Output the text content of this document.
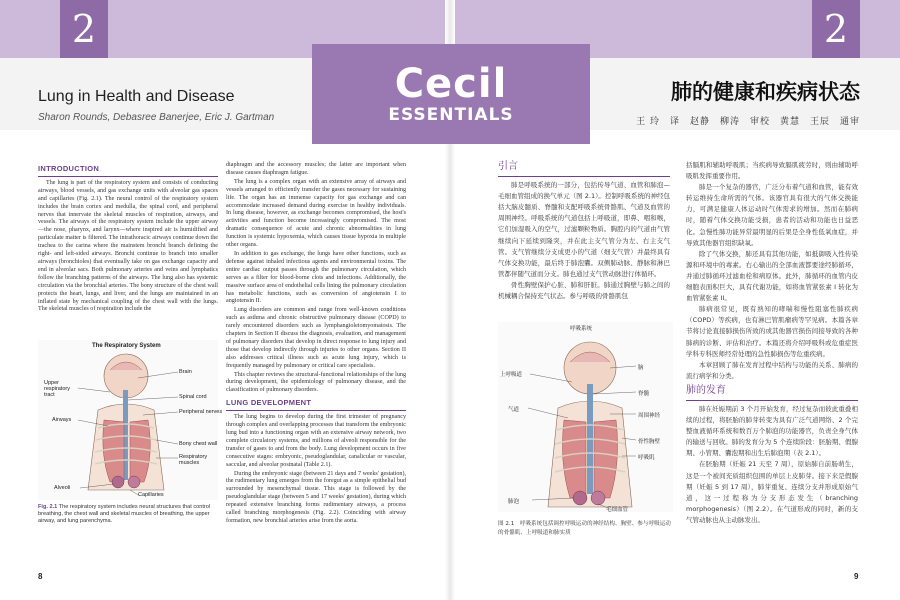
2
Lung in Health and Disease
Sharon Rounds, Debasree Banerjee, Eric J. Gartman
INTRODUCTION

The lung is part of the respiratory system and consists of conducting airways, blood vessels, and gas exchange units with alveolar gas spaces and capillaries (Fig. 2.1). The neural control of the respiratory system includes the brain cortex and medulla, the spinal cord, and peripheral nerves that innervate the skeletal muscles of respiration, airways, and vessels. The airways of the respiratory system include the upper airway—the nose, pharynx, and larynx—where inspired air is humidified and particulate matter is filtered. The intrathoracic airways continue down the trachea to the carina where the mainstem bronchi branch defining the right- and left-sided airways. Bronchi continue to branch into smaller airways (bronchioles) that eventually take on gas exchange capacity and end in alveolar sacs. Both pulmonary arteries and veins and lymphatics follow the branching patterns of the airways. The lung also has systemic circulation via the bronchial arteries. The bony structure of the chest wall protects the heart, lungs, and liver, and the lungs are maintained in an inflated state by mechanical coupling of the chest wall with the lungs. The skeletal muscles of respiration include the

The Respiratory System
Brain
Upper respiratory tract	Spinal cord
Airways
Peripheral nerves
Bony chest wall
Respiratory muscles
Alveoli
Capillaries
Fig. 2.1 The respiratory system includes neural structures that control breathing, the chest wall and skeletal muscles of breathing, the upper airway, and lung parenchyma.

diaphragm and the accessory muscles; the latter are important when disease causes diaphragm fatigue.

The lung is a complex organ with an extensive array of airways and vessels arranged to efficiently transfer the gases necessary for sustaining life. The organ has an immense capacity for gas exchange and can accommodate increased demand during exercise in healthy individuals. In lung disease, however, as exchange becomes compromised, the host's activities and function become increasingly compromised. The most dramatic consequence of acute and chronic abnormalities in lung function is systemic hypoxemia, which causes tissue hypoxia in multiple other organs.

In addition to gas exchange, the lungs have other functions, such as defense against inhaled infectious agents and environmental toxins. The entire cardiac output passes through the pulmonary circulation, which serves as a filter for blood-borne clots and infections. Additionally, the massive surface area of endothelial cells lining the pulmonary circulation has metabolic functions, such as conversion of angiotensin I to angiotensin II.

Lung disorders are common and range from well-known conditions such as asthma and chronic obstructive pulmonary disease (COPD) to rarely encountered disorders such as lymphangioleiomyomatosis. The chapters in Section II discuss the diagnosis, evaluation, and management of pulmonary disorders that develop in direct response to lung injury and those that develop indirectly through injuries to other organs. Section II also addresses critical illness such as acute lung injury, which is frequently managed by pulmonary or critical care specialists.

This chapter reviews the structural-functional relationships of the lung during development, the epidemiology of pulmonary disease, and the classification of pulmonary disorders.

LUNG DEVELOPMENT

The lung begins to develop during the first trimester of pregnancy through complex and overlapping processes that transform the embryonic lung bud into a functioning organ with an extensive airway network, two complete circulatory systems, and millions of alveoli responsible for the transfer of gases to and from the body. Lung development occurs in five consecutive stages: embryonic, pseudoglandular, canalicular or vascular, saccular, and alveolar postnatal (Table 2.1).

During the embryonic stage (between 21 days and 7 weeks' gestation), the rudimentary lung emerges from the foregut as a simple epithelial bud surrounded by mesenchymal tissue. This stage is followed by the pseudoglandular stage (between 5 and 17 weeks' gestation), during which repeated extensive branching forms rudimentary airways, a process called branching morphogenesis (Fig. 2.2). Coinciding with airway formation, new bronchial arteries arise from the aorta.

8
2
肺的健康和疾病状态
王 玲　译　赵静　柳涛　审校　黄慧　王辰　通审
引言

肺是呼吸系统的一部分，包括传导气道、血管和肺泡—毛细血管组成的换气单元（图 2.1）。控制呼吸系统的神经包括大脑皮髓质、脊髓和支配呼吸系统骨骼肌、气道及血管的周围神经。呼吸系统的气道包括上呼吸道，即鼻、咽和喉，它们加湿吸入的空气，过滤颗粒物质。胸腔内的气道由气管继续向下延续到隆突，并在此主支气管分为左、右主支气管。支气管继续分支成更小的气道（细支气管）并最终具有气体交换功能，最后终于肺泡囊。双侧肺动脉、静脉和淋巴管都伴随气道而分支。肺也通过支气管动脉进行体循环。

骨性胸壁保护心脏、肺和肝脏。肺通过胸壁与肺之间的机械耦合保持充气状态。参与呼吸的骨骼肌包

呼吸系统
上呼吸道
脑
脊髓
周围神经
气道
骨性胸壁
呼吸肌
肺泡
毛细血管
图 2.1　呼吸系统包括调控呼吸运动的神经结构、胸壁、参与呼吸运动的骨骼肌、上呼吸道和肺实质

括膈肌和辅助呼吸肌；当疾病导致膈肌疲劳时，则由辅助呼吸肌发挥重要作用。

肺是一个复杂的器官，广泛分布着气道和血管，能有效转运维持生命所需的气体。该器官具有很大的气体交换能力，可满足健康人体运动时气体需求的增加。然而在肺病时，随着气体交换功能受损，患者的活动和功能也日益恶化。急慢性肺功能异常最明显的后果是全身性低氧血症，并导致其他器官组织缺氧。

除了气体交换，肺还具有其他功能，如抵御吸入性传染源和环境中的毒素。右心输出的全部血液都要途经肺循环，并通过肺循环过滤血栓和病原体。此外，肺循环的血管内皮细胞表面积巨大，具有代谢功能，如将血管紧张素 I 转化为血管紧张素 II。

肺病很常见，既有熟知的哮喘和慢性阻塞性肺疾病（COPD）等疾病，也有淋巴管肌瘤病等罕见病。本篇各章节将讨论直接肺损伤所致的或其他器官损伤间接导致的各种肺病的诊断、评估和治疗。本篇还将介绍呼吸科或危重症医学科专科医师经常处理的急性肺损伤等危重疾病。

本章回顾了肺在发育过程中结构与功能的关系、肺病的流行病学和分类。

肺的发育

肺在妊娠期前 3 个月开始发育，经过复杂而彼此重叠相续的过程，将胚胎的肺芽转变为具有广泛气道网络、2 个完整血液循环系统和数百万个肺泡的功能器官，负责全身气体的输送与回收。肺的发育分为 5 个连续阶段：胚胎期、假腺期、小管期、囊泡期和出生后肺泡期（表 2.1）。

在胚胎期（妊娠 21 天至 7 周），原始肺自前肠萌生，这是一个被间充质组织包围的单层上皮肺芽。接下来是假腺期（妊娠 5 到 17 周），肺芽重复、连续分支并形成原始气道，这一过程称为分支形态发生（branching morphogenesis）（图 2.2）。在气道形成的同时，新的支气管动脉也从主动脉发出。

9
Cecil
ESSENTIALS
